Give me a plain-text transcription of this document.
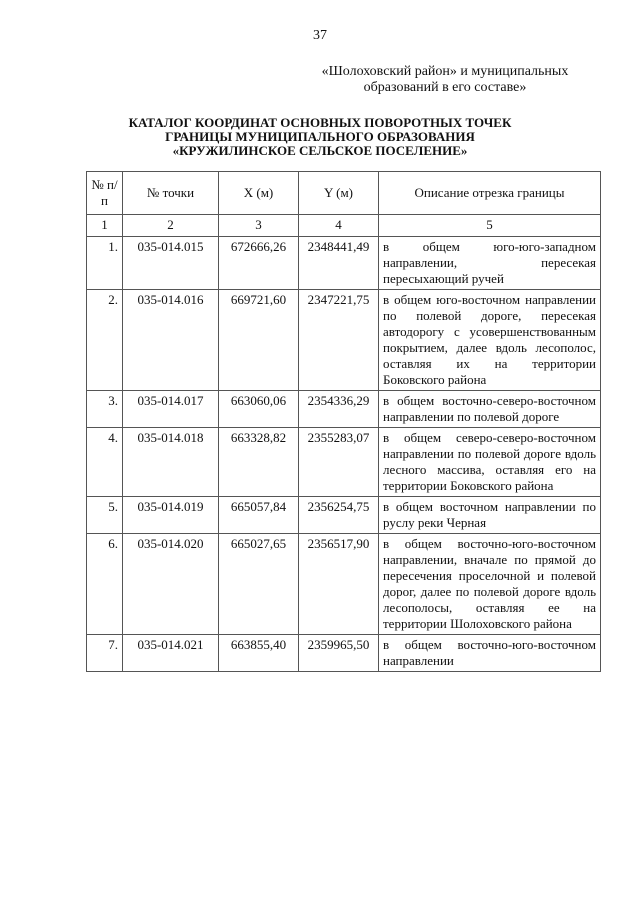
37
«Шолоховский район» и муниципальных
образований в его составе»
КАТАЛОГ КООРДИНАТ ОСНОВНЫХ ПОВОРОТНЫХ ТОЧЕК
ГРАНИЦЫ МУНИЦИПАЛЬНОГО ОБРАЗОВАНИЯ
«КРУЖИЛИНСКОЕ СЕЛЬСКОЕ ПОСЕЛЕНИЕ»
№ п/п	№ точки	X (м)	Y (м)	Описание отрезка границы
1	2	3	4	5
1.	035-014.015	672666,26	2348441,49	в общем юго-юго-западном направлении, пересекая пересыхающий ручей
2.	035-014.016	669721,60	2347221,75	в общем юго-восточном направлении по полевой дороге, пересекая автодорогу с усовершенствованным покрытием, далее вдоль лесополос, оставляя их на территории Боковского района
3.	035-014.017	663060,06	2354336,29	в общем восточно-северо-восточном направлении по полевой дороге
4.	035-014.018	663328,82	2355283,07	в общем северо-северо-восточном направлении по полевой дороге вдоль лесного массива, оставляя его на территории Боковского района
5.	035-014.019	665057,84	2356254,75	в общем восточном направлении по руслу реки Черная
6.	035-014.020	665027,65	2356517,90	в общем восточно-юго-восточном направлении, вначале по прямой до пересечения проселочной и полевой дорог, далее по полевой дороге вдоль лесополосы, оставляя ее на территории Шолоховского района
7.	035-014.021	663855,40	2359965,50	в общем восточно-юго-восточном направлении
